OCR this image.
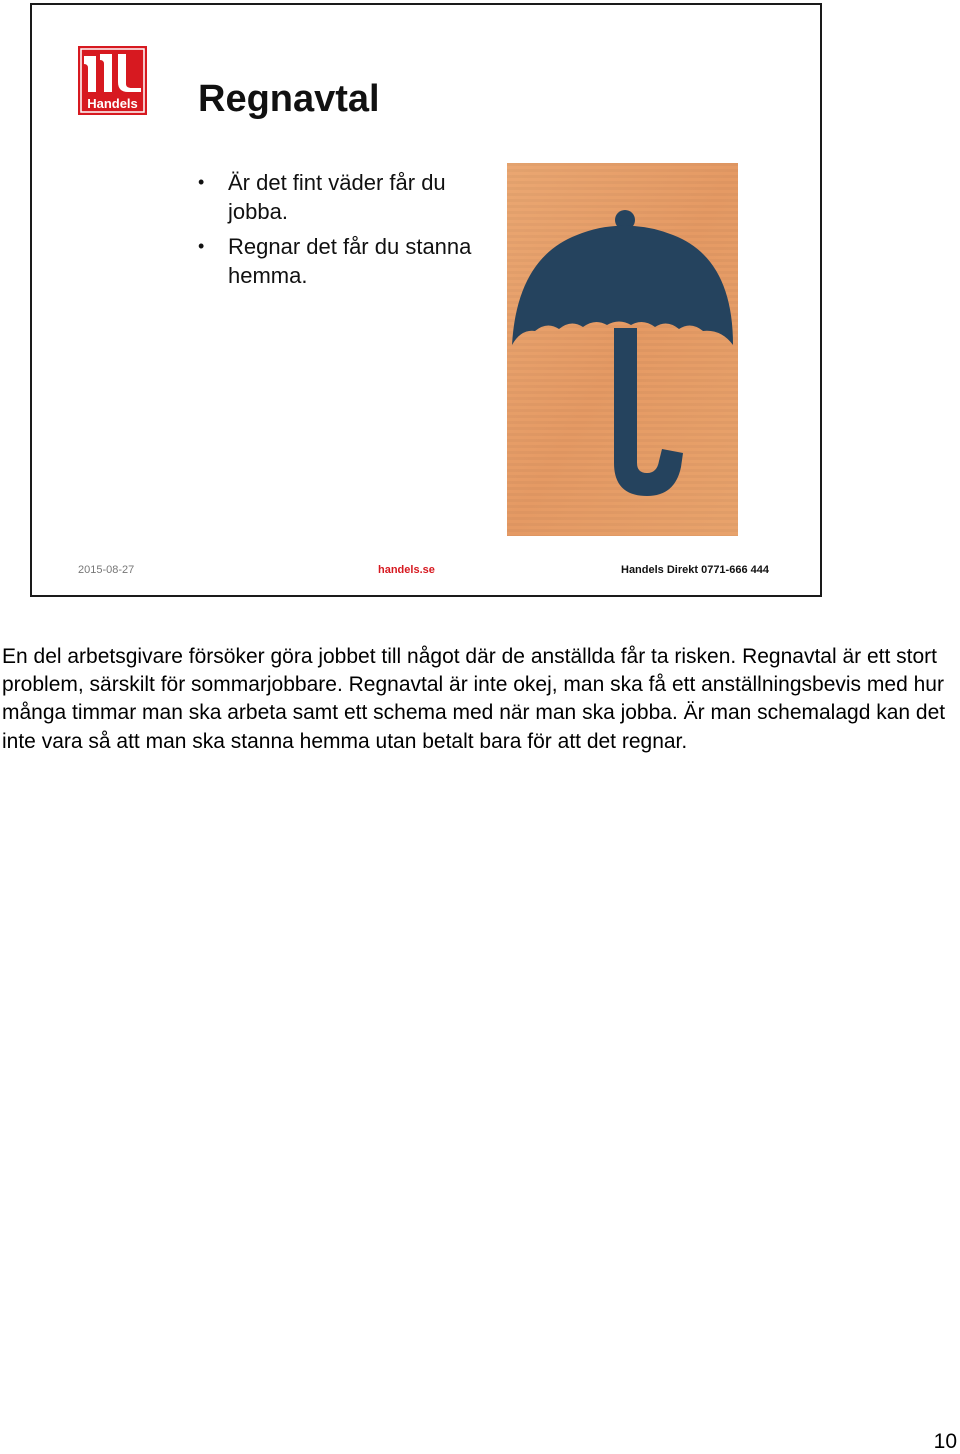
Handels Regnavtal
• Är det fint väder får du jobba.
• Regnar det får du stanna hemma.
2015-08-27	handels.se	Handels Direkt 0771-666 444

En del arbetsgivare försöker göra jobbet till något där de anställda får ta risken. Regnavtal är ett stort problem, särskilt för sommarjobbare. Regnavtal är inte okej, man ska få ett anställningsbevis med hur många timmar man ska arbeta samt ett schema med när man ska jobba. Är man schemalagd kan det inte vara så att man ska stanna hemma utan betalt bara för att det regnar.

10
